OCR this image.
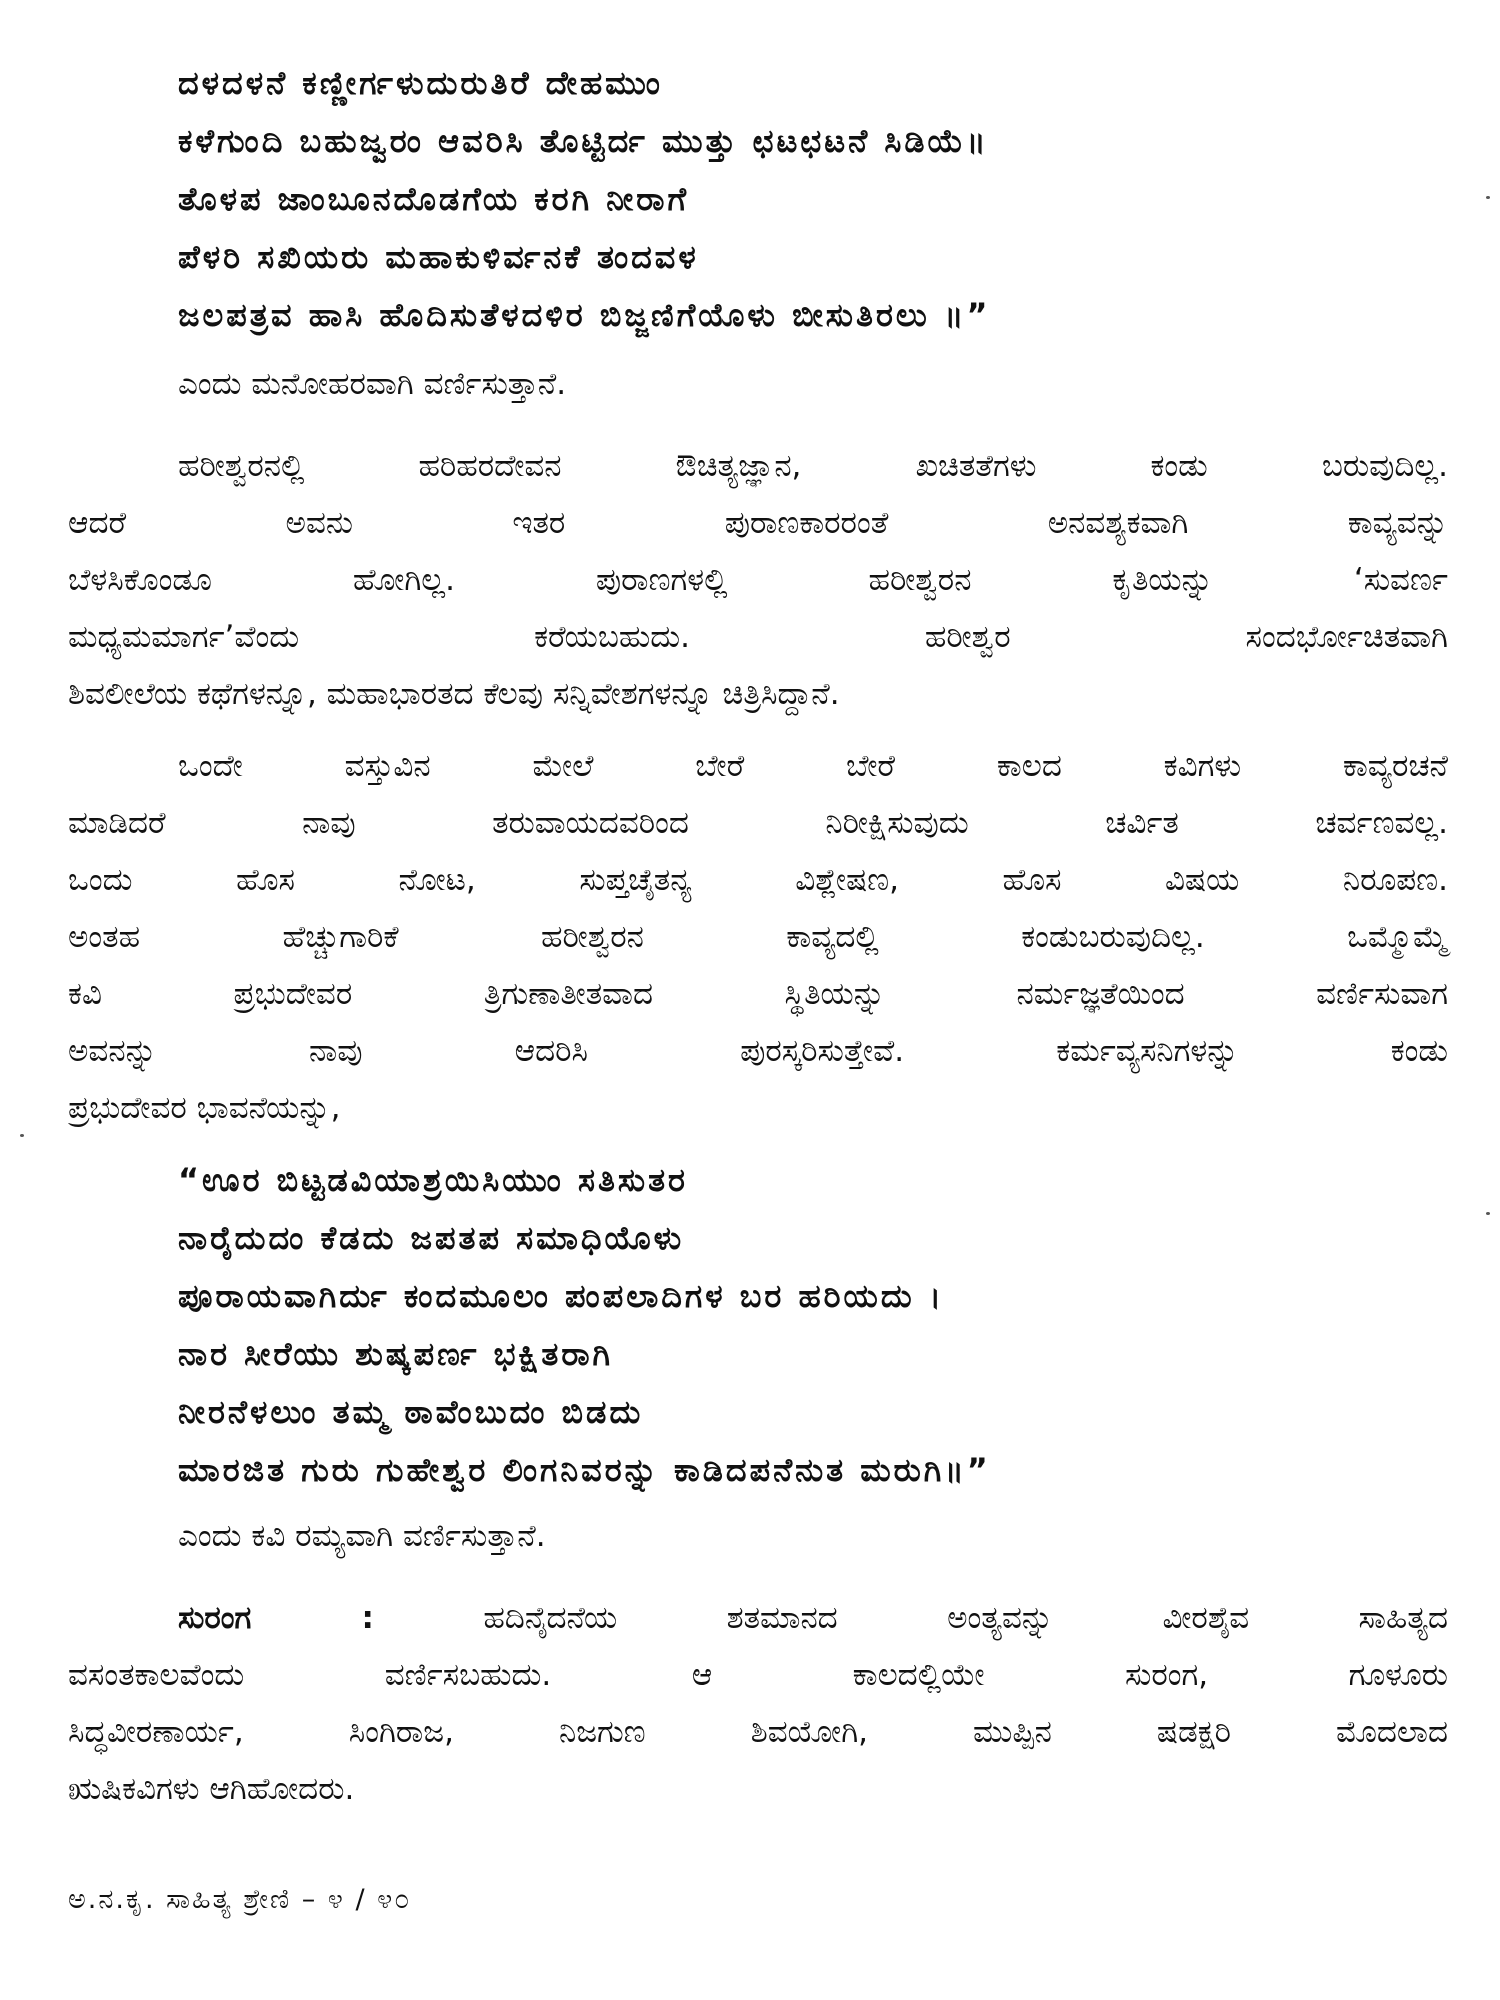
ದಳದಳನೆ ಕಣ್ಣೀರ್ಗಳುದುರುತಿರೆ ದೇಹಮುಂ
ಕಳೆಗುಂದಿ ಬಹುಜ್ವರಂ ಆವರಿಸಿ ತೊಟ್ಟಿರ್ದ ಮುತ್ತು ಛಟಛಟನೆ ಸಿಡಿಯೆ॥
ತೊಳಪ ಜಾಂಬೂನದೊಡಗೆಯ ಕರಗಿ ನೀರಾಗೆ
ಪೆಳರಿ ಸಖಿಯರು ಮಹಾಕುಳಿರ್ವನಕೆ ತಂದವಳ
ಜಲಪತ್ರವ ಹಾಸಿ ಹೊದಿಸುತೆಳದಳಿರ ಬಿಜ್ಜಣಿಗೆಯೊಳು ಬೀಸುತಿರಲು ॥”
ಎಂದು ಮನೋಹರವಾಗಿ ವರ್ಣಿಸುತ್ತಾನೆ.
ಹರೀಶ್ವರನಲ್ಲಿ ಹರಿಹರದೇವನ ಔಚಿತ್ಯಜ್ಞಾನ, ಖಚಿತತೆಗಳು ಕಂಡು ಬರುವುದಿಲ್ಲ.
ಆದರೆ ಅವನು ಇತರ ಪುರಾಣಕಾರರಂತೆ ಅನವಶ್ಯಕವಾಗಿ ಕಾವ್ಯವನ್ನು
ಬೆಳಸಿಕೊಂಡೂ ಹೋಗಿಲ್ಲ. ಪುರಾಣಗಳಲ್ಲಿ ಹರೀಶ್ವರನ ಕೃತಿಯನ್ನು ‘ಸುವರ್ಣ
ಮಧ್ಯಮಮಾರ್ಗ’ವೆಂದು ಕರೆಯಬಹುದು. ಹರೀಶ್ವರ ಸಂದರ್ಭೋಚಿತವಾಗಿ
ಶಿವಲೀಲೆಯ ಕಥೆಗಳನ್ನೂ, ಮಹಾಭಾರತದ ಕೆಲವು ಸನ್ನಿವೇಶಗಳನ್ನೂ ಚಿತ್ರಿಸಿದ್ದಾನೆ.
ಒಂದೇ ವಸ್ತುವಿನ ಮೇಲೆ ಬೇರೆ ಬೇರೆ ಕಾಲದ ಕವಿಗಳು ಕಾವ್ಯರಚನೆ
ಮಾಡಿದರೆ ನಾವು ತರುವಾಯದವರಿಂದ ನಿರೀಕ್ಷಿಸುವುದು ಚರ್ವಿತ ಚರ್ವಣವಲ್ಲ.
ಒಂದು ಹೊಸ ನೋಟ, ಸುಪ್ತಚೈತನ್ಯ ವಿಶ್ಲೇಷಣ, ಹೊಸ ವಿಷಯ ನಿರೂಪಣ.
ಅಂತಹ ಹೆಚ್ಚುಗಾರಿಕೆ ಹರೀಶ್ವರನ ಕಾವ್ಯದಲ್ಲಿ ಕಂಡುಬರುವುದಿಲ್ಲ. ಒಮ್ಮೊಮ್ಮೆ
ಕವಿ ಪ್ರಭುದೇವರ ತ್ರಿಗುಣಾತೀತವಾದ ಸ್ಥಿತಿಯನ್ನು ನರ್ಮಜ್ಞತೆಯಿಂದ ವರ್ಣಿಸುವಾಗ
ಅವನನ್ನು ನಾವು ಆದರಿಸಿ ಪುರಸ್ಕರಿಸುತ್ತೇವೆ. ಕರ್ಮವ್ಯಸನಿಗಳನ್ನು ಕಂಡು
ಪ್ರಭುದೇವರ ಭಾವನೆಯನ್ನು,
“ಊರ ಬಿಟ್ಟಡವಿಯಾಶ್ರಯಿಸಿಯುಂ ಸತಿಸುತರ
ನಾರೈದುದಂ ಕೆಡದು ಜಪತಪ ಸಮಾಧಿಯೊಳು
ಪೂರಾಯವಾಗಿರ್ದು ಕಂದಮೂಲಂ ಪಂಪಲಾದಿಗಳ ಬರ ಹರಿಯದು ।
ನಾರ ಸೀರೆಯು ಶುಷ್ಕಪರ್ಣ ಭಕ್ಷಿತರಾಗಿ
ನೀರನೆಳಲುಂ ತಮ್ಮ ಠಾವೆಂಬುದಂ ಬಿಡದು
ಮಾರಜಿತ ಗುರು ಗುಹೇಶ್ವರ ಲಿಂಗನಿವರನ್ನು ಕಾಡಿದಪನೆನುತ ಮರುಗಿ॥”
ಎಂದು ಕವಿ ರಮ್ಯವಾಗಿ ವರ್ಣಿಸುತ್ತಾನೆ.
ಸುರಂಗ :	ಹದಿನೈದನೆಯ ಶತಮಾನದ ಅಂತ್ಯವನ್ನು ವೀರಶೈವ ಸಾಹಿತ್ಯದ
ವಸಂತಕಾಲವೆಂದು ವರ್ಣಿಸಬಹುದು. ಆ ಕಾಲದಲ್ಲಿಯೇ ಸುರಂಗ, ಗೂಳೂರು
ಸಿದ್ಧವೀರಣಾರ್ಯ, ಸಿಂಗಿರಾಜ, ನಿಜಗುಣ ಶಿವಯೋಗಿ, ಮುಪ್ಪಿನ ಷಡಕ್ಷರಿ ಮೊದಲಾದ
ಋಷಿಕವಿಗಳು ಆಗಿಹೋದರು.
ಅ.ನ.ಕೃ. ಸಾಹಿತ್ಯ ಶ್ರೇಣಿ – ೪ / ೪೦
